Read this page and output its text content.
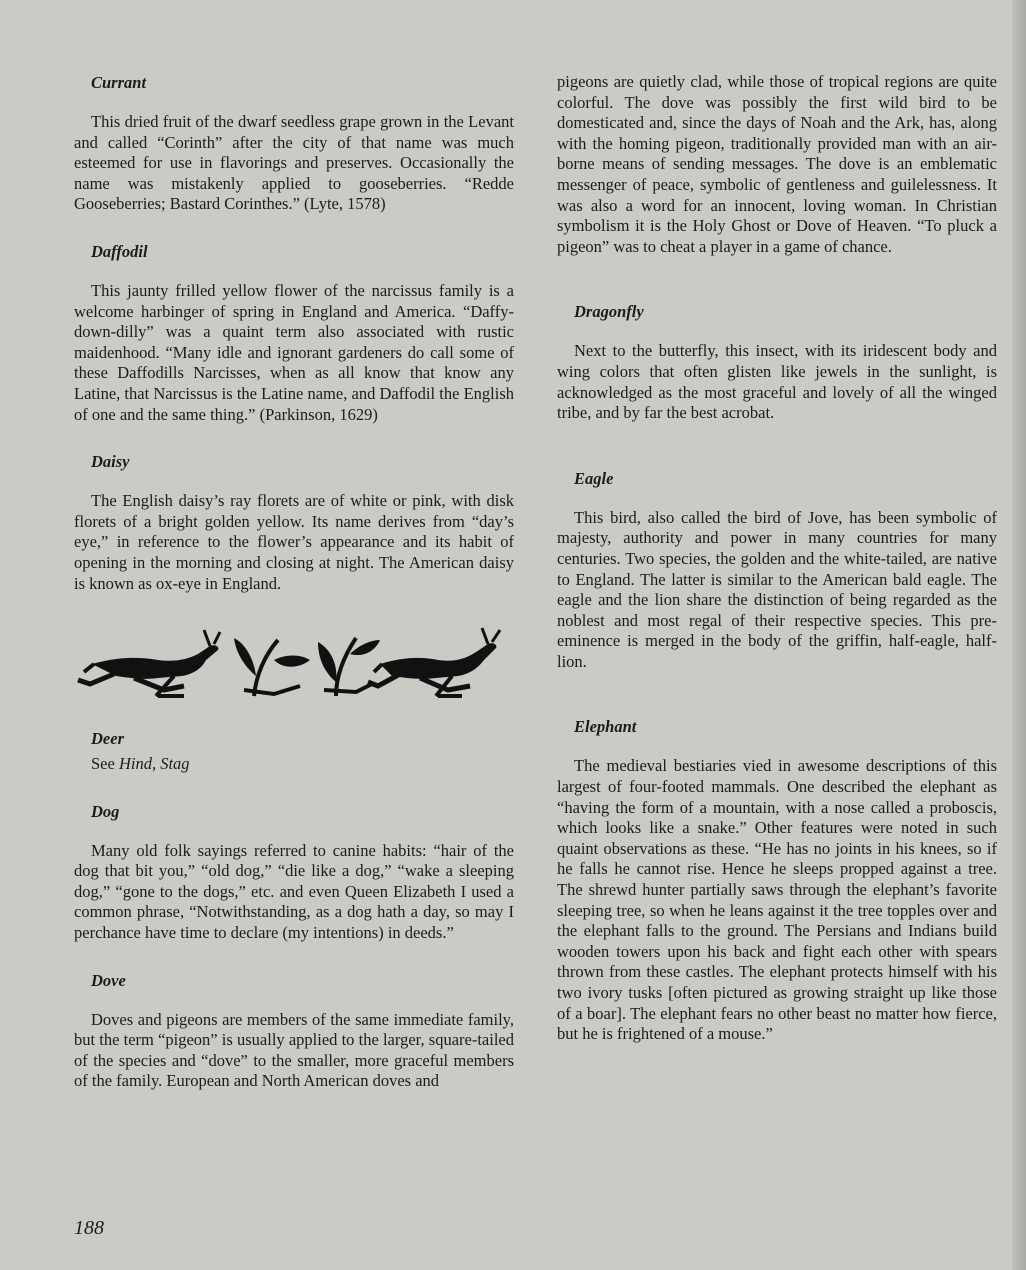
Currant

This dried fruit of the dwarf seedless grape grown in the Levant and called “Corinth” after the city of that name was much esteemed for use in flavorings and preserves. Occasionally the name was mistakenly applied to gooseberries. “Redde Gooseberries; Bastard Corinthes.” (Lyte, 1578)

Daffodil

This jaunty frilled yellow flower of the narcissus family is a welcome harbinger of spring in England and America. “Daffy-down-dilly” was a quaint term also associated with rustic maidenhood. “Many idle and ignorant gardeners do call some of these Daffodills Narcisses, when as all know that know any Latine, that Narcissus is the Latine name, and Daffodil the English of one and the same thing.” (Parkinson, 1629)

Daisy

The English daisy’s ray florets are of white or pink, with disk florets of a bright golden yellow. Its name derives from “day’s eye,” in reference to the flower’s appearance and its habit of opening in the morning and closing at night. The American daisy is known as ox-eye in England.

Deer

See Hind, Stag

Dog

Many old folk sayings referred to canine habits: “hair of the dog that bit you,” “old dog,” “die like a dog,” “wake a sleeping dog,” “gone to the dogs,” etc. and even Queen Elizabeth I used a common phrase, “Notwithstanding, as a dog hath a day, so may I perchance have time to declare (my intentions) in deeds.”

Dove

Doves and pigeons are members of the same immediate family, but the term “pigeon” is usually applied to the larger, square-tailed of the species and “dove” to the smaller, more graceful members of the family. European and North American doves and

pigeons are quietly clad, while those of tropical regions are quite colorful. The dove was possibly the first wild bird to be domesticated and, since the days of Noah and the Ark, has, along with the homing pigeon, traditionally provided man with an air-borne means of sending messages. The dove is an emblematic messenger of peace, symbolic of gentleness and guilelessness. It was also a word for an innocent, loving woman. In Christian symbolism it is the Holy Ghost or Dove of Heaven. “To pluck a pigeon” was to cheat a player in a game of chance.

Dragonfly

Next to the butterfly, this insect, with its iridescent body and wing colors that often glisten like jewels in the sunlight, is acknowledged as the most graceful and lovely of all the winged tribe, and by far the best acrobat.

Eagle

This bird, also called the bird of Jove, has been symbolic of majesty, authority and power in many countries for many centuries. Two species, the golden and the white-tailed, are native to England. The latter is similar to the American bald eagle. The eagle and the lion share the distinction of being regarded as the noblest and most regal of their respective species. This pre-eminence is merged in the body of the griffin, half-eagle, half-lion.

Elephant

The medieval bestiaries vied in awesome descriptions of this largest of four-footed mammals. One described the elephant as “having the form of a mountain, with a nose called a proboscis, which looks like a snake.” Other features were noted in such quaint observations as these. “He has no joints in his knees, so if he falls he cannot rise. Hence he sleeps propped against a tree. The shrewd hunter partially saws through the elephant’s favorite sleeping tree, so when he leans against it the tree topples over and the elephant falls to the ground. The Persians and Indians build wooden towers upon his back and fight each other with spears thrown from these castles. The elephant protects himself with his two ivory tusks [often pictured as growing straight up like those of a boar]. The elephant fears no other beast no matter how fierce, but he is frightened of a mouse.”

188
